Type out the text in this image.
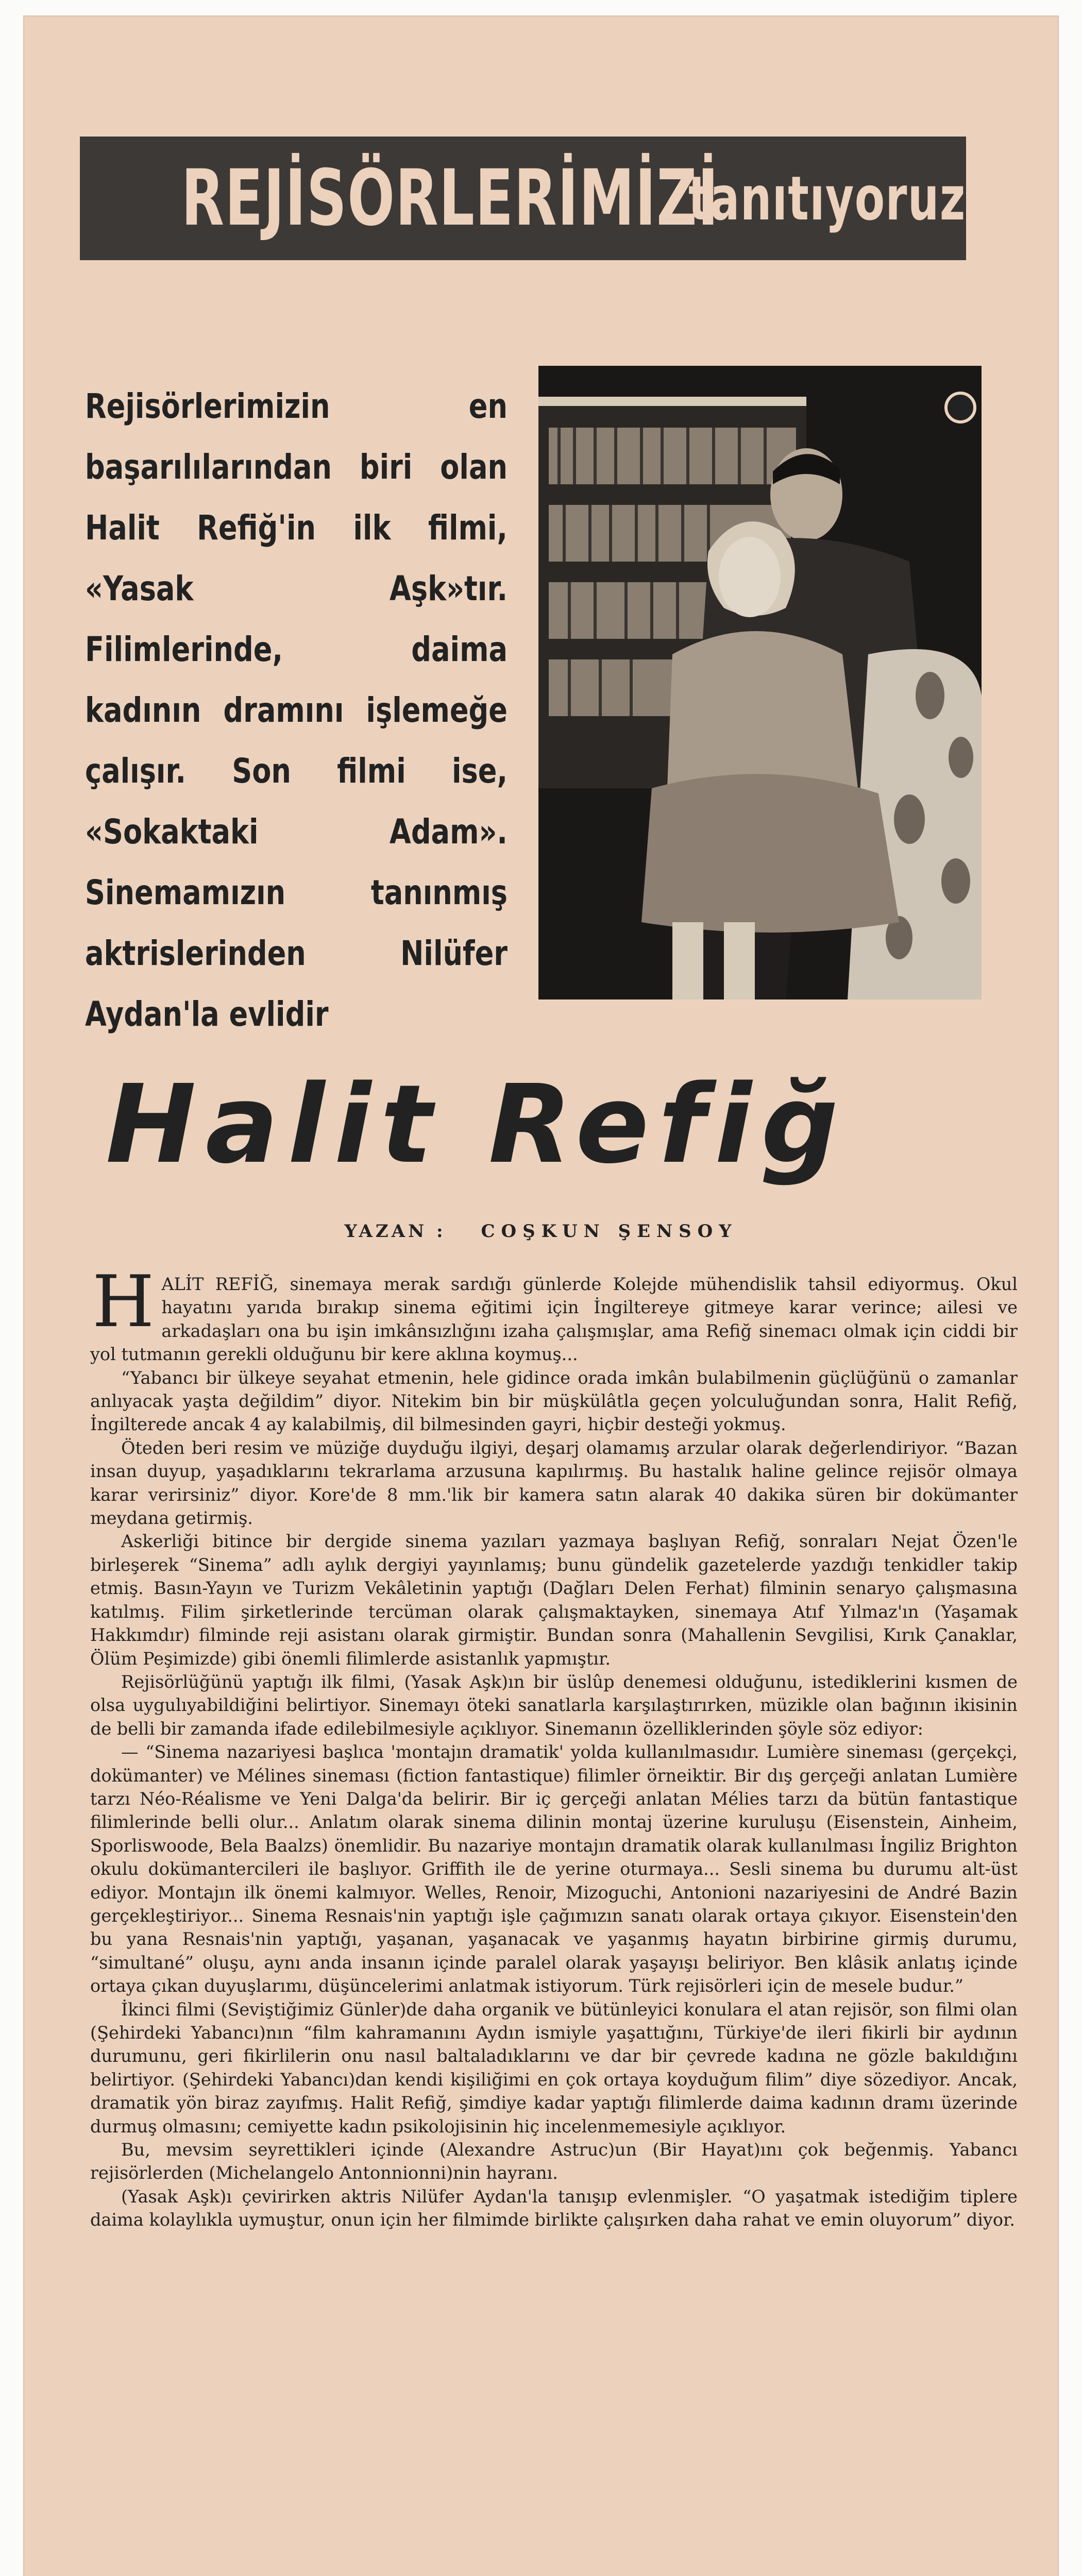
REJİSÖRLERİMİZİ
tanıtıyoruz
Rejisörlerimizin en başarılılarından biri olan Halit Refiğ'in ilk filmi, «Yasak Aşk»tır. Filimlerinde, daima kadının dramını işlemeğe çalışır. Son filmi ise, «Sokaktaki Adam». Sinemamızın tanınmış aktrislerinden Nilüfer Aydan'la evlidir
Halit Refiğ
YAZAN : COŞKUN ŞENSOY

HALİT REFİĞ, sinemaya merak sardığı günlerde Kolejde mühendislik tahsil ediyormuş. Okul hayatını yarıda bırakıp sinema eğitimi için İngiltereye gitmeye karar verince; ailesi ve arkadaşları ona bu işin imkânsızlığını izaha çalışmışlar, ama Refiğ sinemacı olmak için ciddi bir yol tutmanın gerekli olduğunu bir kere aklına koymuş...

“Yabancı bir ülkeye seyahat etmenin, hele gidince orada imkân bulabilmenin güçlüğünü o zamanlar anlıyacak yaşta değildim” diyor. Nitekim bin bir müşkülâtla geçen yolculuğundan sonra, Halit Refiğ, İngilterede ancak 4 ay kalabilmiş, dil bilmesinden gayri, hiçbir desteği yokmuş.

Öteden beri resim ve müziğe duyduğu ilgiyi, deşarj olamamış arzular olarak değerlendiriyor. “Bazan insan duyup, yaşadıklarını tekrarlama arzusuna kapılırmış. Bu hastalık haline gelince rejisör olmaya karar verirsiniz” diyor. Kore'de 8 mm.'lik bir kamera satın alarak 40 dakika süren bir dokümanter meydana getirmiş.

Askerliği bitince bir dergide sinema yazıları yazmaya başlıyan Refiğ, sonraları Nejat Özen'le birleşerek “Sinema” adlı aylık dergiyi yayınlamış; bunu gündelik gazetelerde yazdığı tenkidler takip etmiş. Basın-Yayın ve Turizm Vekâletinin yaptığı (Dağları Delen Ferhat) filminin senaryo çalışmasına katılmış. Filim şirketlerinde tercüman olarak çalışmaktayken, sinemaya Atıf Yılmaz'ın (Yaşamak Hakkımdır) filminde reji asistanı olarak girmiştir. Bundan sonra (Mahallenin Sevgilisi, Kırık Çanaklar, Ölüm Peşimizde) gibi önemli filimlerde asistanlık yapmıştır.

Rejisörlüğünü yaptığı ilk filmi, (Yasak Aşk)ın bir üslûp denemesi olduğunu, istediklerini kısmen de olsa uygulıyabildiğini belirtiyor. Sinemayı öteki sanatlarla karşılaştırırken, müzikle olan bağının ikisinin de belli bir zamanda ifade edilebilmesiyle açıklıyor. Sinemanın özelliklerinden şöyle söz ediyor:

— “Sinema nazariyesi başlıca 'montajın dramatik' yolda kullanılmasıdır. Lumière sineması (gerçekçi, dokümanter) ve Mélines sineması (fiction fantastique) filimler örneiktir. Bir dış gerçeği anlatan Lumière tarzı Néo-Réalisme ve Yeni Dalga'da belirir. Bir iç gerçeği anlatan Mélies tarzı da bütün fantastique filimlerinde belli olur... Anlatım olarak sinema dilinin montaj üzerine kuruluşu (Eisenstein, Ainheim, Sporliswoode, Bela Baalzs) önemlidir. Bu nazariye montajın dramatik olarak kullanılması İngiliz Brighton okulu dokümantercileri ile başlıyor. Griffith ile de yerine oturmaya... Sesli sinema bu durumu alt-üst ediyor. Montajın ilk önemi kalmıyor. Welles, Renoir, Mizoguchi, Antonioni nazariyesini de André Bazin gerçekleştiriyor... Sinema Resnais'nin yaptığı işle çağımızın sanatı olarak ortaya çıkıyor. Eisenstein'den bu yana Resnais'nin yaptığı, yaşanan, yaşanacak ve yaşanmış hayatın birbirine girmiş durumu, “simultané” oluşu, aynı anda insanın içinde paralel olarak yaşayışı beliriyor. Ben klâsik anlatış içinde ortaya çıkan duyuşlarımı, düşüncelerimi anlatmak istiyorum. Türk rejisörleri için de mesele budur.”

İkinci filmi (Seviştiğimiz Günler)de daha organik ve bütünleyici konulara el atan rejisör, son filmi olan (Şehirdeki Yabancı)nın “film kahramanını Aydın ismiyle yaşattığını, Türkiye'de ileri fikirli bir aydının durumunu, geri fikirlilerin onu nasıl baltaladıklarını ve dar bir çevrede kadına ne gözle bakıldığını belirtiyor. (Şehirdeki Yabancı)dan kendi kişiliğimi en çok ortaya koyduğum filim” diye sözediyor. Ancak, dramatik yön biraz zayıfmış. Halit Refiğ, şimdiye kadar yaptığı filimlerde daima kadının dramı üzerinde durmuş olmasını; cemiyette kadın psikolojisinin hiç incelenmemesiyle açıklıyor.

Bu, mevsim seyrettikleri içinde (Alexandre Astruc)un (Bir Hayat)ını çok beğenmiş. Yabancı rejisörlerden (Michelangelo Antonnionni)nin hayranı.

(Yasak Aşk)ı çevirirken aktris Nilüfer Aydan'la tanışıp evlenmişler. “O yaşatmak istediğim tiplere daima kolaylıkla uymuştur, onun için her filmimde birlikte çalışırken daha rahat ve emin oluyorum” diyor.
